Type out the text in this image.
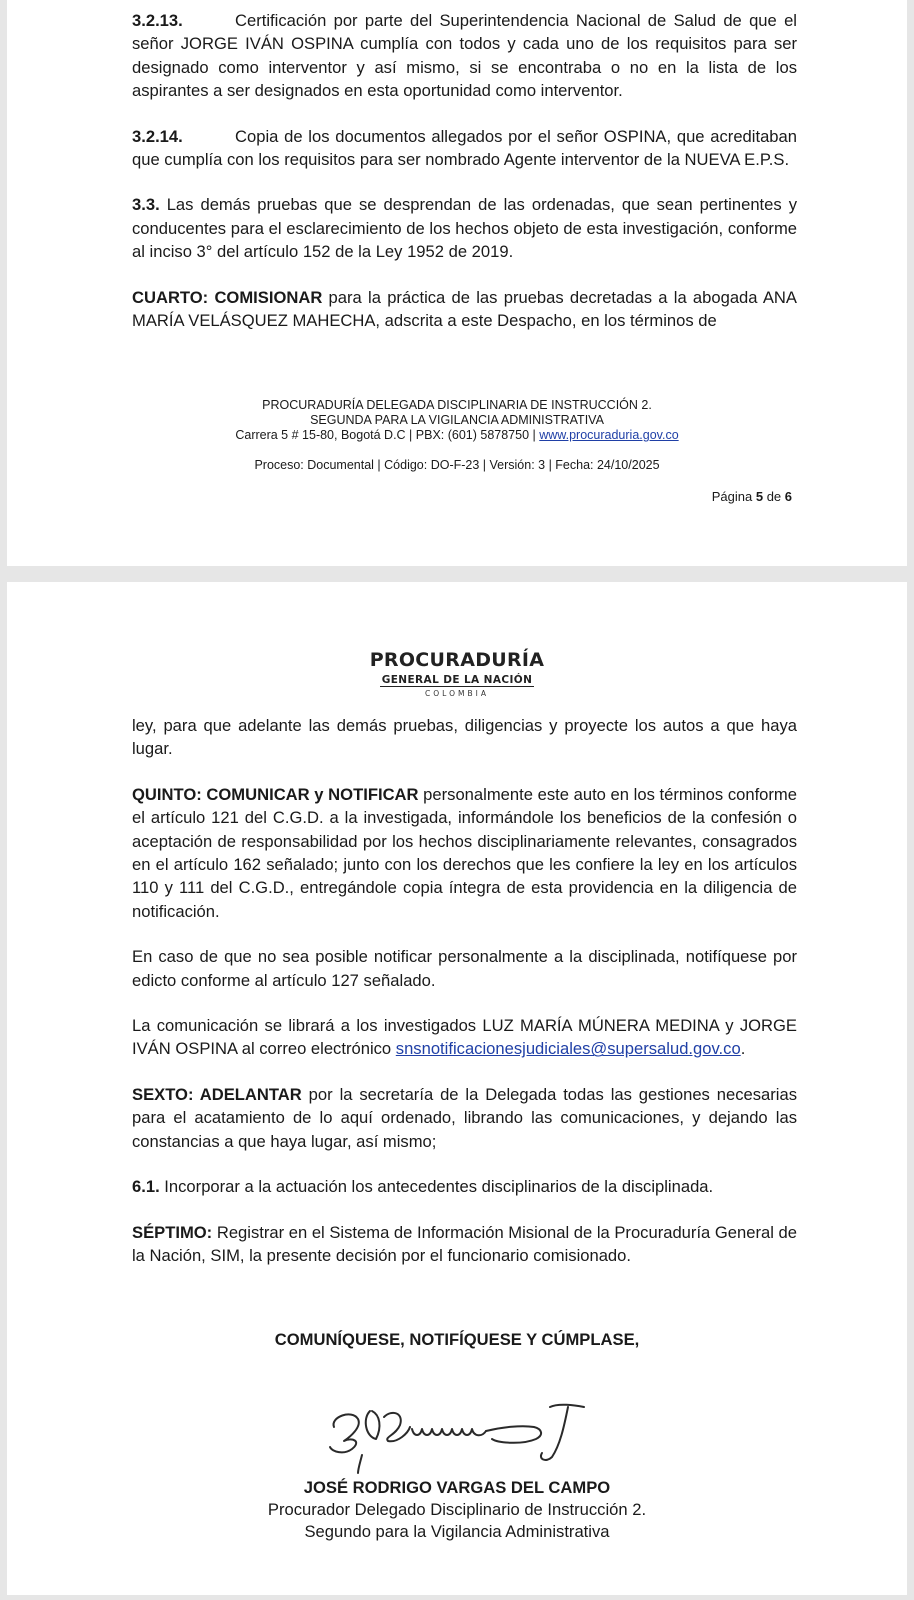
3.2.13.	Certificación por parte del Superintendencia Nacional de Salud de que el señor JORGE IVÁN OSPINA cumplía con todos y cada uno de los requisitos para ser designado como interventor y así mismo, si se encontraba o no en la lista de los aspirantes a ser designados en esta oportunidad como interventor.

3.2.14.	Copia de los documentos allegados por el señor OSPINA, que acreditaban que cumplía con los requisitos para ser nombrado Agente interventor de la NUEVA E.P.S.

3.3. Las demás pruebas que se desprendan de las ordenadas, que sean pertinentes y conducentes para el esclarecimiento de los hechos objeto de esta investigación, conforme al inciso 3° del artículo 152 de la Ley 1952 de 2019.

CUARTO: COMISIONAR para la práctica de las pruebas decretadas a la abogada ANA MARÍA VELÁSQUEZ MAHECHA, adscrita a este Despacho, en los términos de

PROCURADURÍA DELEGADA DISCIPLINARIA DE INSTRUCCIÓN 2.
SEGUNDA PARA LA VIGILANCIA ADMINISTRATIVA
Carrera 5 # 15-80, Bogotá D.C | PBX: (601) 5878750 | www.procuraduria.gov.co
Proceso: Documental | Código: DO-F-23 | Versión: 3 | Fecha: 24/10/2025
Página 5 de 6
PROCURADURÍA
GENERAL DE LA NACIÓN
COLOMBIA

ley, para que adelante las demás pruebas, diligencias y proyecte los autos a que haya lugar.

QUINTO: COMUNICAR y NOTIFICAR personalmente este auto en los términos conforme el artículo 121 del C.G.D. a la investigada, informándole los beneficios de la confesión o aceptación de responsabilidad por los hechos disciplinariamente relevantes, consagrados en el artículo 162 señalado; junto con los derechos que les confiere la ley en los artículos 110 y 111 del C.G.D., entregándole copia íntegra de esta providencia en la diligencia de notificación.

En caso de que no sea posible notificar personalmente a la disciplinada, notifíquese por edicto conforme al artículo 127 señalado.

La comunicación se librará a los investigados LUZ MARÍA MÚNERA MEDINA y JORGE IVÁN OSPINA al correo electrónico snsnotificacionesjudiciales@supersalud.gov.co.

SEXTO: ADELANTAR por la secretaría de la Delegada todas las gestiones necesarias para el acatamiento de lo aquí ordenado, librando las comunicaciones, y dejando las constancias a que haya lugar, así mismo;

6.1. Incorporar a la actuación los antecedentes disciplinarios de la disciplinada.

SÉPTIMO: Registrar en el Sistema de Información Misional de la Procuraduría General de la Nación, SIM, la presente decisión por el funcionario comisionado.

COMUNÍQUESE, NOTIFÍQUESE Y CÚMPLASE,

JOSÉ RODRIGO VARGAS DEL CAMPO

Procurador Delegado Disciplinario de Instrucción 2.

Segundo para la Vigilancia Administrativa
